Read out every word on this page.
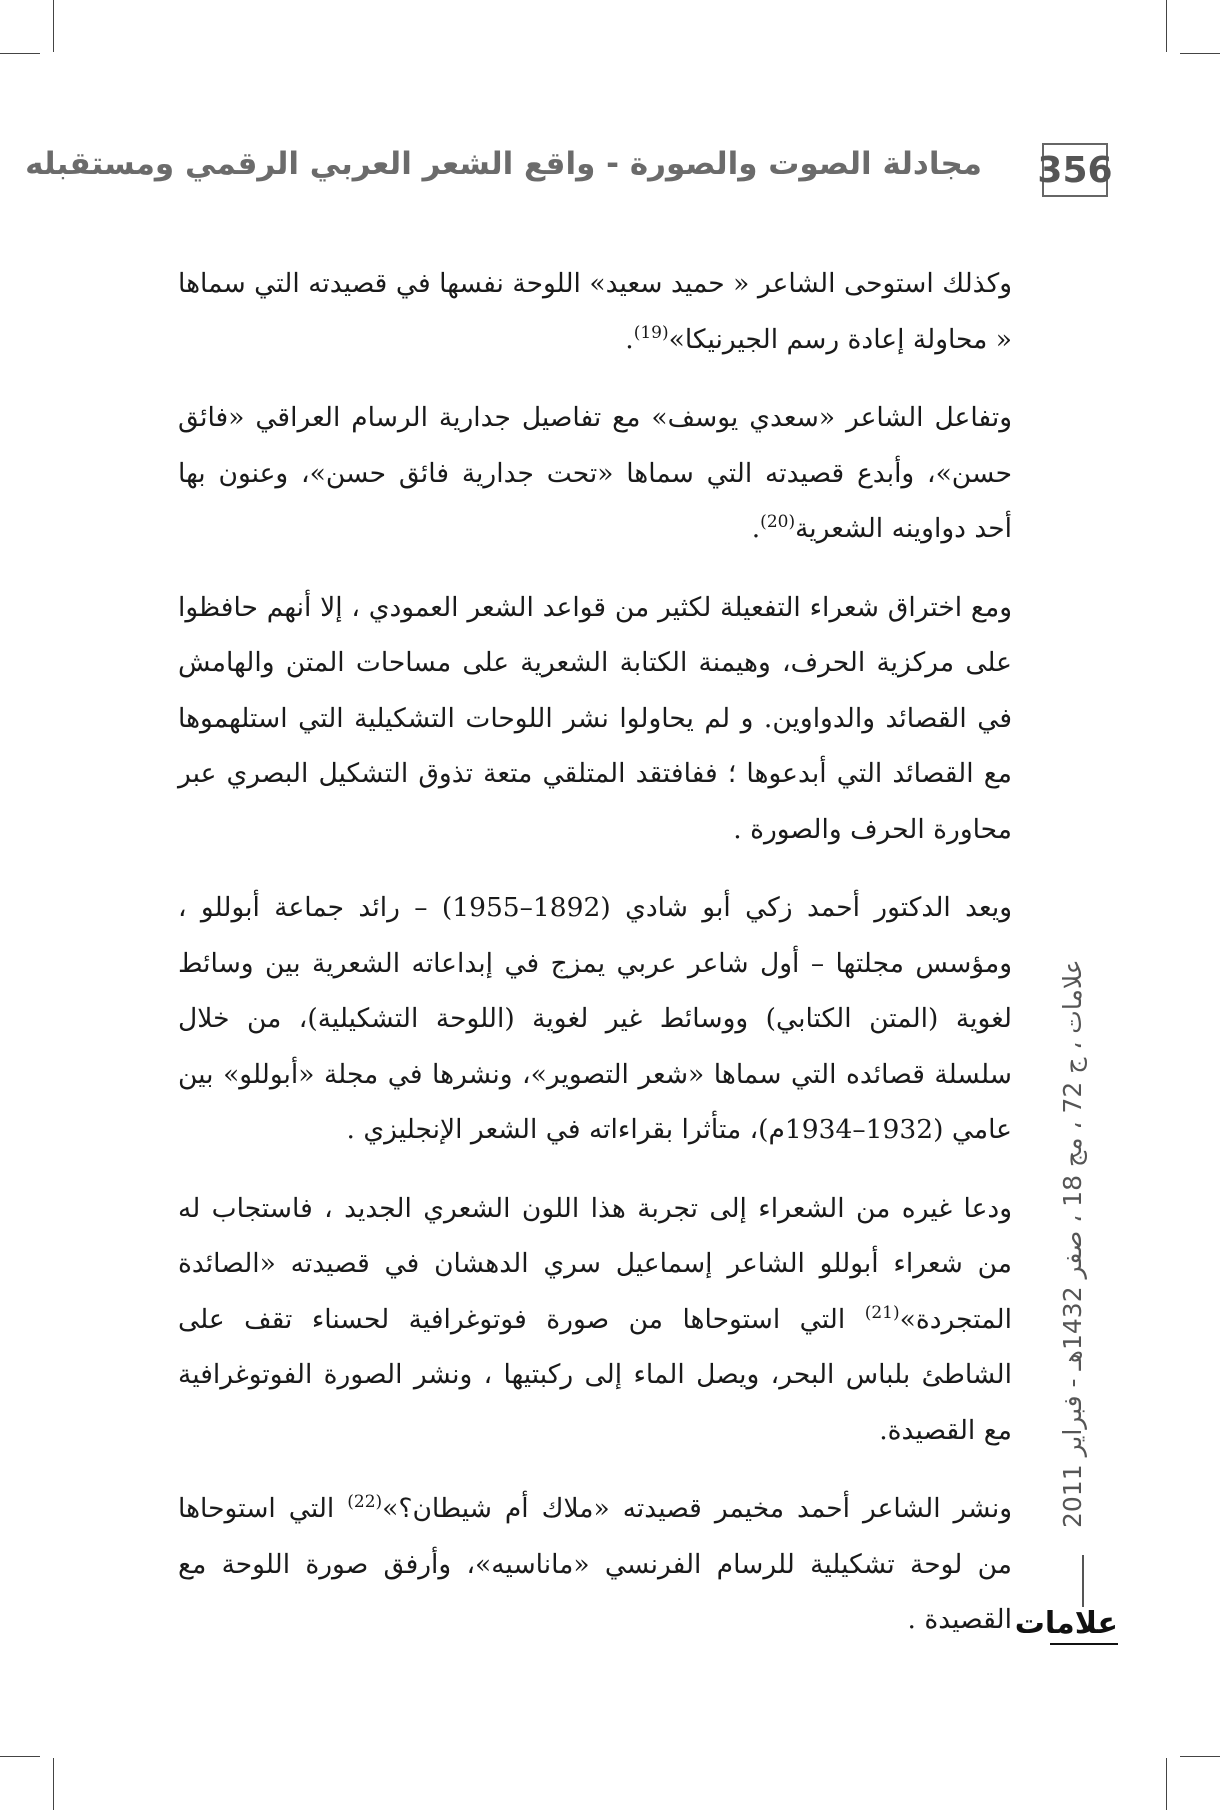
356
مجادلة الصوت والصورة - واقع الشعر العربي الرقمي ومستقبله

وكذلك استوحى الشاعر « حميد سعيد» اللوحة نفسها في قصيدته التي سماها « محاولة إعادة رسم الجيرنيكا»$^{(19)}$.

وتفاعل الشاعر «سعدي يوسف» مع تفاصيل جدارية الرسام العراقي «فائق حسن»، وأبدع قصيدته التي سماها «تحت جدارية فائق حسن»، وعنون بها أحد دواوينه الشعرية$^{(20)}$.

ومع اختراق شعراء التفعيلة لكثير من قواعد الشعر العمودي ، إلا أنهم حافظوا على مركزية الحرف، وهيمنة الكتابة الشعرية على مساحات المتن والهامش في القصائد والدواوين. و لم يحاولوا نشر اللوحات التشكيلية التي استلهموها مع القصائد التي أبدعوها ؛ ففافتقد المتلقي متعة تذوق التشكيل البصري عبر محاورة الحرف والصورة .

ويعد الدكتور أحمد زكي أبو شادي (1892–1955) – رائد جماعة أبوللو ، ومؤسس مجلتها – أول شاعر عربي يمزج في إبداعاته الشعرية بين وسائط لغوية (المتن الكتابي) ووسائط غير لغوية (اللوحة التشكيلية)، من خلال سلسلة قصائده التي سماها «شعر التصوير»، ونشرها في مجلة «أبوللو» بين عامي (1932–1934م)، متأثرا بقراءاته في الشعر الإنجليزي .

ودعا غيره من الشعراء إلى تجربة هذا اللون الشعري الجديد ، فاستجاب له من شعراء أبوللو الشاعر إسماعيل سري الدهشان في قصيدته «الصائدة المتجردة»$^{(21)}$ التي استوحاها من صورة فوتوغرافية لحسناء تقف على الشاطئ بلباس البحر، ويصل الماء إلى ركبتيها ، ونشر الصورة الفوتوغرافية مع القصيدة.

ونشر الشاعر أحمد مخيمر قصيدته «ملاك أم شيطان؟»$^{(22)}$ التي استوحاها من لوحة تشكيلية للرسام الفرنسي «ماناسيه»، وأرفق صورة اللوحة مع القصيدة .

علامات ، ج 72 ، مج 18 ، صفر 1432هـ - فبراير 2011
علامات
